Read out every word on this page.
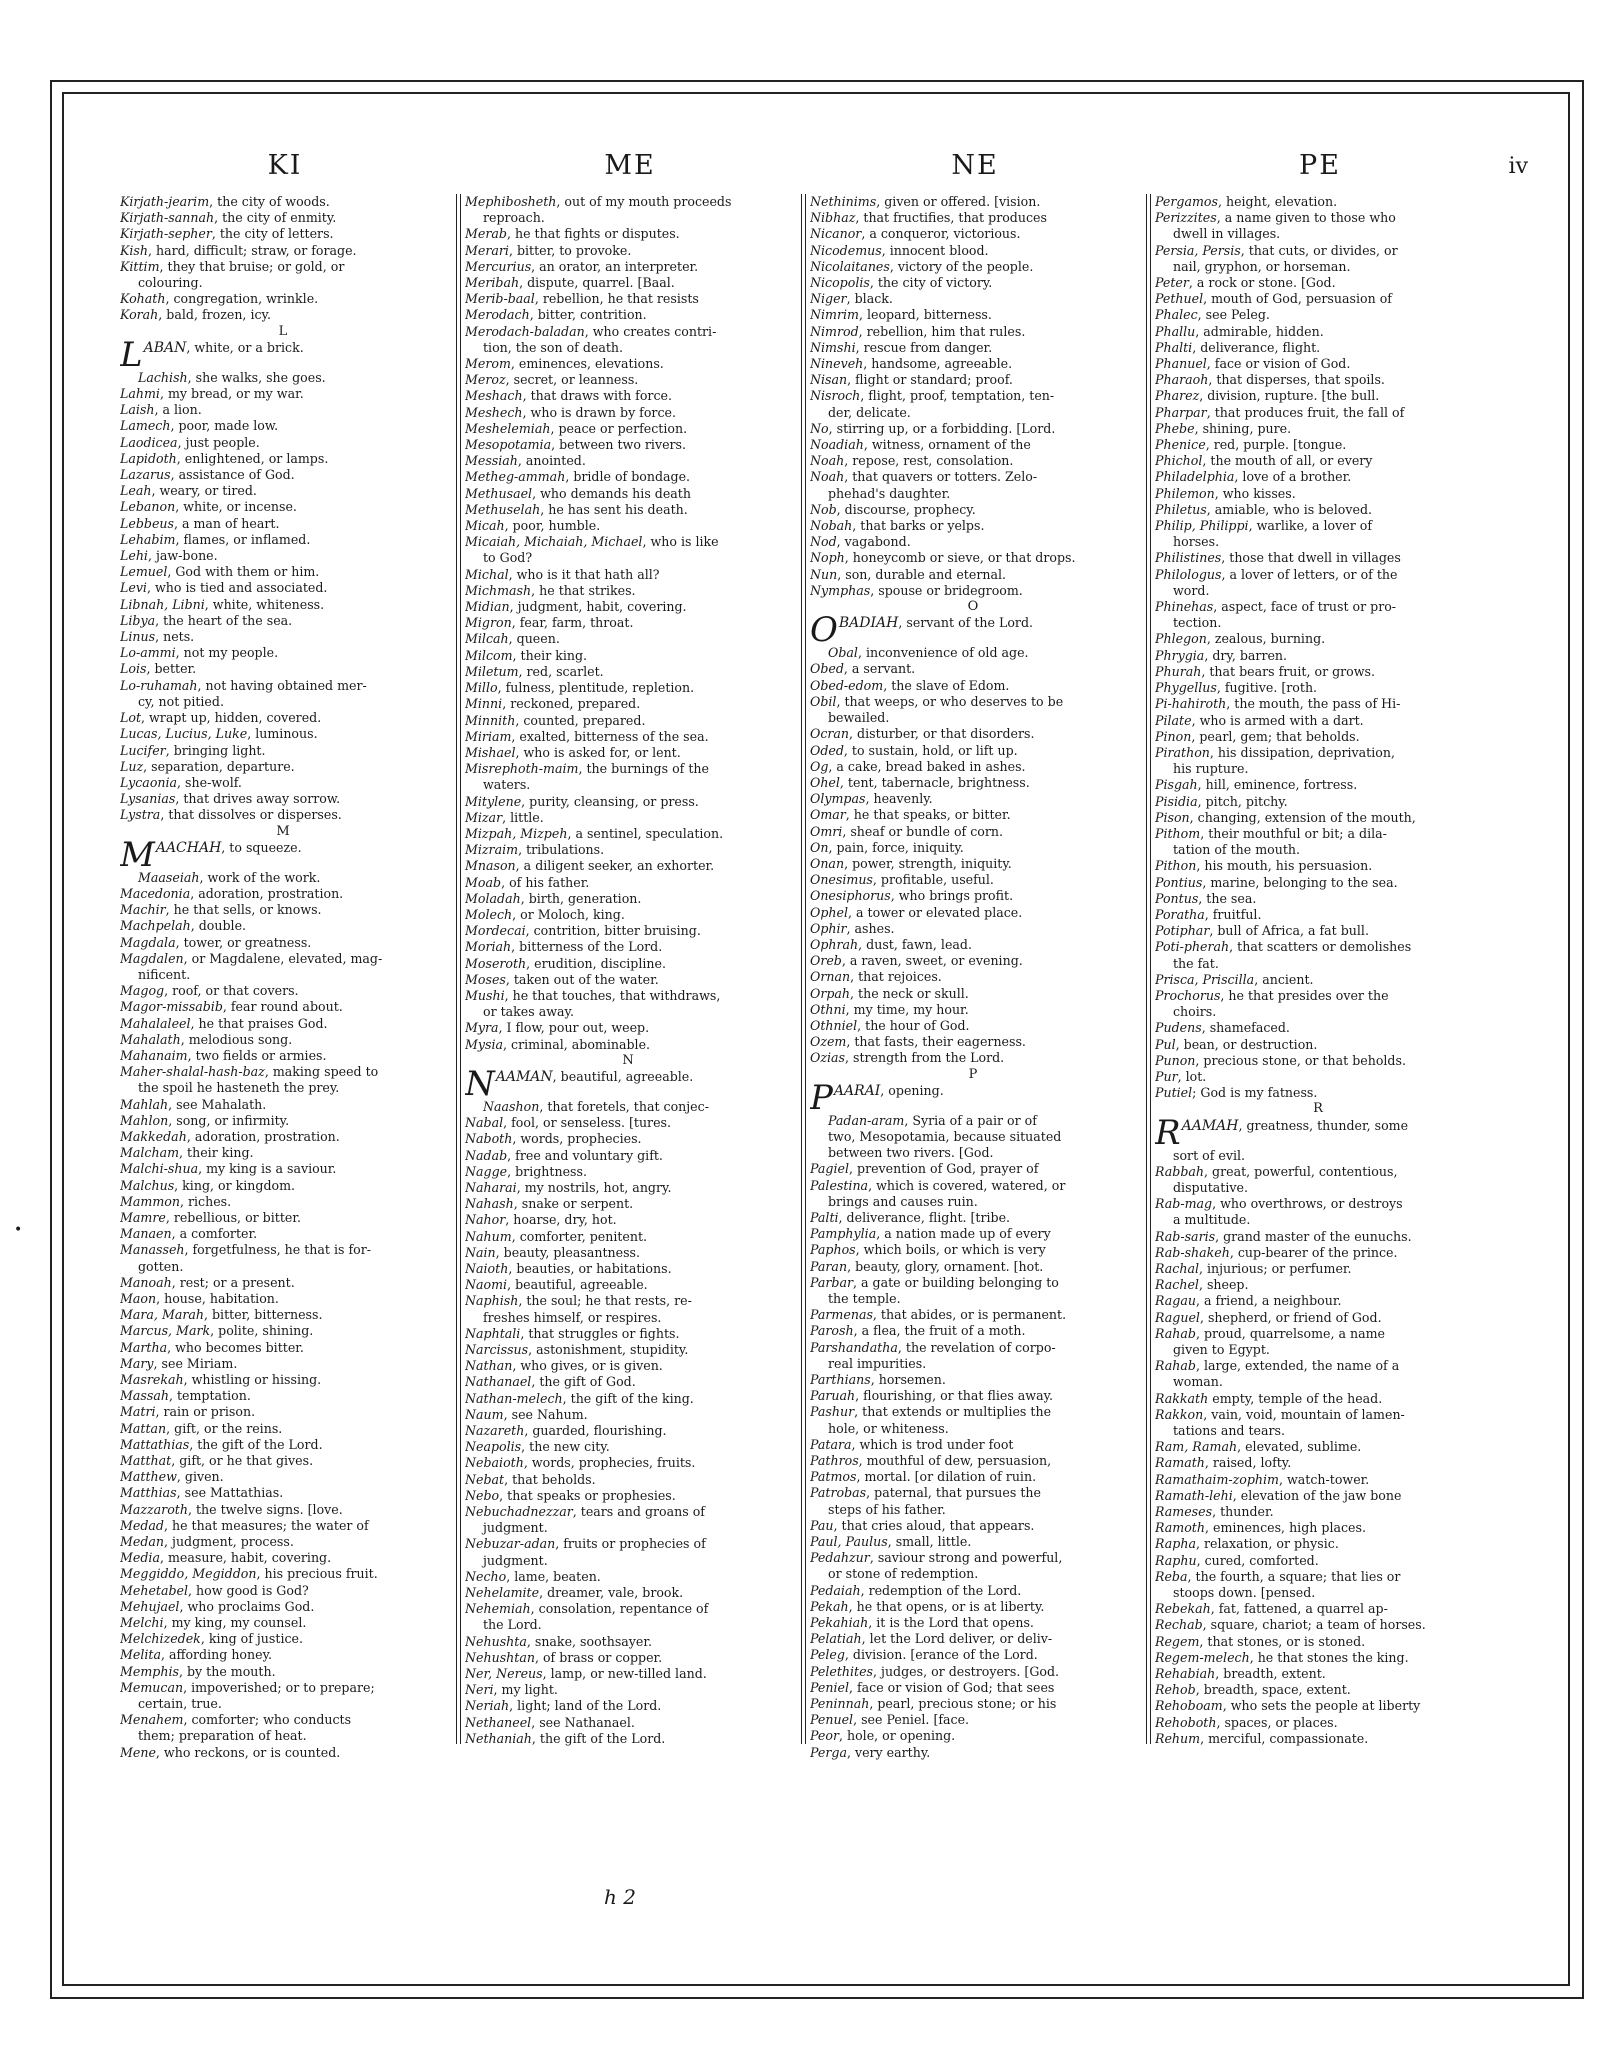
•
KI	ME	NE	PE	iv
Kirjath-jearim, the city of woods.
Kirjath-sannah, the city of enmity.
Kirjath-sepher, the city of letters.
Kish, hard, difficult; straw, or forage.
Kittim, they that bruise; or gold, or
colouring.
Kohath, congregation, wrinkle.
Korah, bald, frozen, icy.
L
LABAN, white, or a brick.
Lachish, she walks, she goes.
Lahmi, my bread, or my war.
Laish, a lion.
Lamech, poor, made low.
Laodicea, just people.
Lapidoth, enlightened, or lamps.
Lazarus, assistance of God.
Leah, weary, or tired.
Lebanon, white, or incense.
Lebbeus, a man of heart.
Lehabim, flames, or inflamed.
Lehi, jaw-bone.
Lemuel, God with them or him.
Levi, who is tied and associated.
Libnah, Libni, white, whiteness.
Libya, the heart of the sea.
Linus, nets.
Lo-ammi, not my people.
Lois, better.
Lo-ruhamah, not having obtained mer-
cy, not pitied.
Lot, wrapt up, hidden, covered.
Lucas, Lucius, Luke, luminous.
Lucifer, bringing light.
Luz, separation, departure.
Lycaonia, she-wolf.
Lysanias, that drives away sorrow.
Lystra, that dissolves or disperses.
M
MAACHAH, to squeeze.
Maaseiah, work of the work.
Macedonia, adoration, prostration.
Machir, he that sells, or knows.
Machpelah, double.
Magdala, tower, or greatness.
Magdalen, or Magdalene, elevated, mag-
nificent.
Magog, roof, or that covers.
Magor-missabib, fear round about.
Mahalaleel, he that praises God.
Mahalath, melodious song.
Mahanaim, two fields or armies.
Maher-shalal-hash-baz, making speed to
the spoil he hasteneth the prey.
Mahlah, see Mahalath.
Mahlon, song, or infirmity.
Makkedah, adoration, prostration.
Malcham, their king.
Malchi-shua, my king is a saviour.
Malchus, king, or kingdom.
Mammon, riches.
Mamre, rebellious, or bitter.
Manaen, a comforter.
Manasseh, forgetfulness, he that is for-
gotten.
Manoah, rest; or a present.
Maon, house, habitation.
Mara, Marah, bitter, bitterness.
Marcus, Mark, polite, shining.
Martha, who becomes bitter.
Mary, see Miriam.
Masrekah, whistling or hissing.
Massah, temptation.
Matri, rain or prison.
Mattan, gift, or the reins.
Mattathias, the gift of the Lord.
Matthat, gift, or he that gives.
Matthew, given.
Matthias, see Mattathias.
Mazzaroth, the twelve signs. [love.
Medad, he that measures; the water of
Medan, judgment, process.
Media, measure, habit, covering.
Meggiddo, Megiddon, his precious fruit.
Mehetabel, how good is God?
Mehujael, who proclaims God.
Melchi, my king, my counsel.
Melchizedek, king of justice.
Melita, affording honey.
Memphis, by the mouth.
Memucan, impoverished; or to prepare;
certain, true.
Menahem, comforter; who conducts
them; preparation of heat.
Mene, who reckons, or is counted.
Mephibosheth, out of my mouth proceeds
reproach.
Merab, he that fights or disputes.
Merari, bitter, to provoke.
Mercurius, an orator, an interpreter.
Meribah, dispute, quarrel. [Baal.
Merib-baal, rebellion, he that resists
Merodach, bitter, contrition.
Merodach-baladan, who creates contri-
tion, the son of death.
Merom, eminences, elevations.
Meroz, secret, or leanness.
Meshach, that draws with force.
Meshech, who is drawn by force.
Meshelemiah, peace or perfection.
Mesopotamia, between two rivers.
Messiah, anointed.
Metheg-ammah, bridle of bondage.
Methusael, who demands his death
Methuselah, he has sent his death.
Micah, poor, humble.
Micaiah, Michaiah, Michael, who is like
to God?
Michal, who is it that hath all?
Michmash, he that strikes.
Midian, judgment, habit, covering.
Migron, fear, farm, throat.
Milcah, queen.
Milcom, their king.
Miletum, red, scarlet.
Millo, fulness, plentitude, repletion.
Minni, reckoned, prepared.
Minnith, counted, prepared.
Miriam, exalted, bitterness of the sea.
Mishael, who is asked for, or lent.
Misrephoth-maim, the burnings of the
waters.
Mitylene, purity, cleansing, or press.
Mizar, little.
Mizpah, Mizpeh, a sentinel, speculation.
Mizraim, tribulations.
Mnason, a diligent seeker, an exhorter.
Moab, of his father.
Moladah, birth, generation.
Molech, or Moloch, king.
Mordecai, contrition, bitter bruising.
Moriah, bitterness of the Lord.
Moseroth, erudition, discipline.
Moses, taken out of the water.
Mushi, he that touches, that withdraws,
or takes away.
Myra, I flow, pour out, weep.
Mysia, criminal, abominable.
N
NAAMAN, beautiful, agreeable.
Naashon, that foretels, that conjec-
Nabal, fool, or senseless. [tures.
Naboth, words, prophecies.
Nadab, free and voluntary gift.
Nagge, brightness.
Naharai, my nostrils, hot, angry.
Nahash, snake or serpent.
Nahor, hoarse, dry, hot.
Nahum, comforter, penitent.
Nain, beauty, pleasantness.
Naioth, beauties, or habitations.
Naomi, beautiful, agreeable.
Naphish, the soul; he that rests, re-
freshes himself, or respires.
Naphtali, that struggles or fights.
Narcissus, astonishment, stupidity.
Nathan, who gives, or is given.
Nathanael, the gift of God.
Nathan-melech, the gift of the king.
Naum, see Nahum.
Nazareth, guarded, flourishing.
Neapolis, the new city.
Nebaioth, words, prophecies, fruits.
Nebat, that beholds.
Nebo, that speaks or prophesies.
Nebuchadnezzar, tears and groans of
judgment.
Nebuzar-adan, fruits or prophecies of
judgment.
Necho, lame, beaten.
Nehelamite, dreamer, vale, brook.
Nehemiah, consolation, repentance of
the Lord.
Nehushta, snake, soothsayer.
Nehushtan, of brass or copper.
Ner, Nereus, lamp, or new-tilled land.
Neri, my light.
Neriah, light; land of the Lord.
Nethaneel, see Nathanael.
Nethaniah, the gift of the Lord.
Nethinims, given or offered. [vision.
Nibhaz, that fructifies, that produces
Nicanor, a conqueror, victorious.
Nicodemus, innocent blood.
Nicolaitanes, victory of the people.
Nicopolis, the city of victory.
Niger, black.
Nimrim, leopard, bitterness.
Nimrod, rebellion, him that rules.
Nimshi, rescue from danger.
Nineveh, handsome, agreeable.
Nisan, flight or standard; proof.
Nisroch, flight, proof, temptation, ten-
der, delicate.
No, stirring up, or a forbidding. [Lord.
Noadiah, witness, ornament of the
Noah, repose, rest, consolation.
Noah, that quavers or totters. Zelo-
phehad's daughter.
Nob, discourse, prophecy.
Nobah, that barks or yelps.
Nod, vagabond.
Noph, honeycomb or sieve, or that drops.
Nun, son, durable and eternal.
Nymphas, spouse or bridegroom.
O
OBADIAH, servant of the Lord.
Obal, inconvenience of old age.
Obed, a servant.
Obed-edom, the slave of Edom.
Obil, that weeps, or who deserves to be
bewailed.
Ocran, disturber, or that disorders.
Oded, to sustain, hold, or lift up.
Og, a cake, bread baked in ashes.
Ohel, tent, tabernacle, brightness.
Olympas, heavenly.
Omar, he that speaks, or bitter.
Omri, sheaf or bundle of corn.
On, pain, force, iniquity.
Onan, power, strength, iniquity.
Onesimus, profitable, useful.
Onesiphorus, who brings profit.
Ophel, a tower or elevated place.
Ophir, ashes.
Ophrah, dust, fawn, lead.
Oreb, a raven, sweet, or evening.
Ornan, that rejoices.
Orpah, the neck or skull.
Othni, my time, my hour.
Othniel, the hour of God.
Ozem, that fasts, their eagerness.
Ozias, strength from the Lord.
P
PAARAI, opening.
Padan-aram, Syria of a pair or of
two, Mesopotamia, because situated
between two rivers. [God.
Pagiel, prevention of God, prayer of
Palestina, which is covered, watered, or
brings and causes ruin.
Palti, deliverance, flight. [tribe.
Pamphylia, a nation made up of every
Paphos, which boils, or which is very
Paran, beauty, glory, ornament. [hot.
Parbar, a gate or building belonging to
the temple.
Parmenas, that abides, or is permanent.
Parosh, a flea, the fruit of a moth.
Parshandatha, the revelation of corpo-
real impurities.
Parthians, horsemen.
Paruah, flourishing, or that flies away.
Pashur, that extends or multiplies the
hole, or whiteness.
Patara, which is trod under foot
Pathros, mouthful of dew, persuasion,
Patmos, mortal. [or dilation of ruin.
Patrobas, paternal, that pursues the
steps of his father.
Pau, that cries aloud, that appears.
Paul, Paulus, small, little.
Pedahzur, saviour strong and powerful,
or stone of redemption.
Pedaiah, redemption of the Lord.
Pekah, he that opens, or is at liberty.
Pekahiah, it is the Lord that opens.
Pelatiah, let the Lord deliver, or deliv-
Peleg, division. [erance of the Lord.
Pelethites, judges, or destroyers. [God.
Peniel, face or vision of God; that sees
Peninnah, pearl, precious stone; or his
Penuel, see Peniel. [face.
Peor, hole, or opening.
Perga, very earthy.
Pergamos, height, elevation.
Perizzites, a name given to those who
dwell in villages.
Persia, Persis, that cuts, or divides, or
nail, gryphon, or horseman.
Peter, a rock or stone. [God.
Pethuel, mouth of God, persuasion of
Phalec, see Peleg.
Phallu, admirable, hidden.
Phalti, deliverance, flight.
Phanuel, face or vision of God.
Pharaoh, that disperses, that spoils.
Pharez, division, rupture. [the bull.
Pharpar, that produces fruit, the fall of
Phebe, shining, pure.
Phenice, red, purple. [tongue.
Phichol, the mouth of all, or every
Philadelphia, love of a brother.
Philemon, who kisses.
Philetus, amiable, who is beloved.
Philip, Philippi, warlike, a lover of
horses.
Philistines, those that dwell in villages
Philologus, a lover of letters, or of the
word.
Phinehas, aspect, face of trust or pro-
tection.
Phlegon, zealous, burning.
Phrygia, dry, barren.
Phurah, that bears fruit, or grows.
Phygellus, fugitive. [roth.
Pi-hahiroth, the mouth, the pass of Hi-
Pilate, who is armed with a dart.
Pinon, pearl, gem; that beholds.
Pirathon, his dissipation, deprivation,
his rupture.
Pisgah, hill, eminence, fortress.
Pisidia, pitch, pitchy.
Pison, changing, extension of the mouth,
Pithom, their mouthful or bit; a dila-
tation of the mouth.
Pithon, his mouth, his persuasion.
Pontius, marine, belonging to the sea.
Pontus, the sea.
Poratha, fruitful.
Potiphar, bull of Africa, a fat bull.
Poti-pherah, that scatters or demolishes
the fat.
Prisca, Priscilla, ancient.
Prochorus, he that presides over the
choirs.
Pudens, shamefaced.
Pul, bean, or destruction.
Punon, precious stone, or that beholds.
Pur, lot.
Putiel; God is my fatness.
R
RAAMAH, greatness, thunder, some
sort of evil.
Rabbah, great, powerful, contentious,
disputative.
Rab-mag, who overthrows, or destroys
a multitude.
Rab-saris, grand master of the eunuchs.
Rab-shakeh, cup-bearer of the prince.
Rachal, injurious; or perfumer.
Rachel, sheep.
Ragau, a friend, a neighbour.
Raguel, shepherd, or friend of God.
Rahab, proud, quarrelsome, a name
given to Egypt.
Rahab, large, extended, the name of a
woman.
Rakkath empty, temple of the head.
Rakkon, vain, void, mountain of lamen-
tations and tears.
Ram, Ramah, elevated, sublime.
Ramath, raised, lofty.
Ramathaim-zophim, watch-tower.
Ramath-lehi, elevation of the jaw bone
Rameses, thunder.
Ramoth, eminences, high places.
Rapha, relaxation, or physic.
Raphu, cured, comforted.
Reba, the fourth, a square; that lies or
stoops down. [pensed.
Rebekah, fat, fattened, a quarrel ap-
Rechab, square, chariot; a team of horses.
Regem, that stones, or is stoned.
Regem-melech, he that stones the king.
Rehabiah, breadth, extent.
Rehob, breadth, space, extent.
Rehoboam, who sets the people at liberty
Rehoboth, spaces, or places.
Rehum, merciful, compassionate.
h 2
